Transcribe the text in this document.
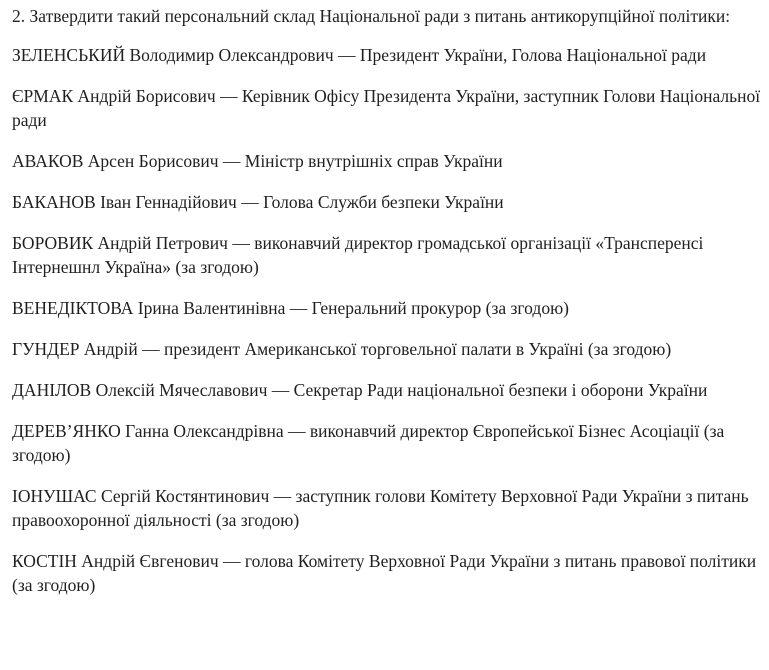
2. Затвердити такий персональний склад Національної ради з питань антикорупційної політики:

ЗЕЛЕНСЬКИЙ Володимир Олександрович — Президент України, Голова Національної ради

ЄРМАК Андрій Борисович — Керівник Офісу Президента України, заступник Голови Національної ради

АВАКОВ Арсен Борисович — Міністр внутрішніх справ України

БАКАНОВ Іван Геннадійович — Голова Служби безпеки України

БОРОВИК Андрій Петрович — виконавчий директор громадської організації «Трансперенсі Інтернешнл Україна» (за згодою)

ВЕНЕДІКТОВА Ірина Валентинівна — Генеральний прокурор (за згодою)

ГУНДЕР Андрій — президент Американської торговельної палати в Україні (за згодою)

ДАНІЛОВ Олексій Мячеславович — Секретар Ради національної безпеки і оборони України

ДЕРЕВ’ЯНКО Ганна Олександрівна — виконавчий директор Європейської Бізнес Асоціації (за згодою)

ІОНУШАС Сергій Костянтинович — заступник голови Комітету Верховної Ради України з питань правоохоронної діяльності (за згодою)

КОСТІН Андрій Євгенович — голова Комітету Верховної Ради України з питань правової політики (за згодою)
